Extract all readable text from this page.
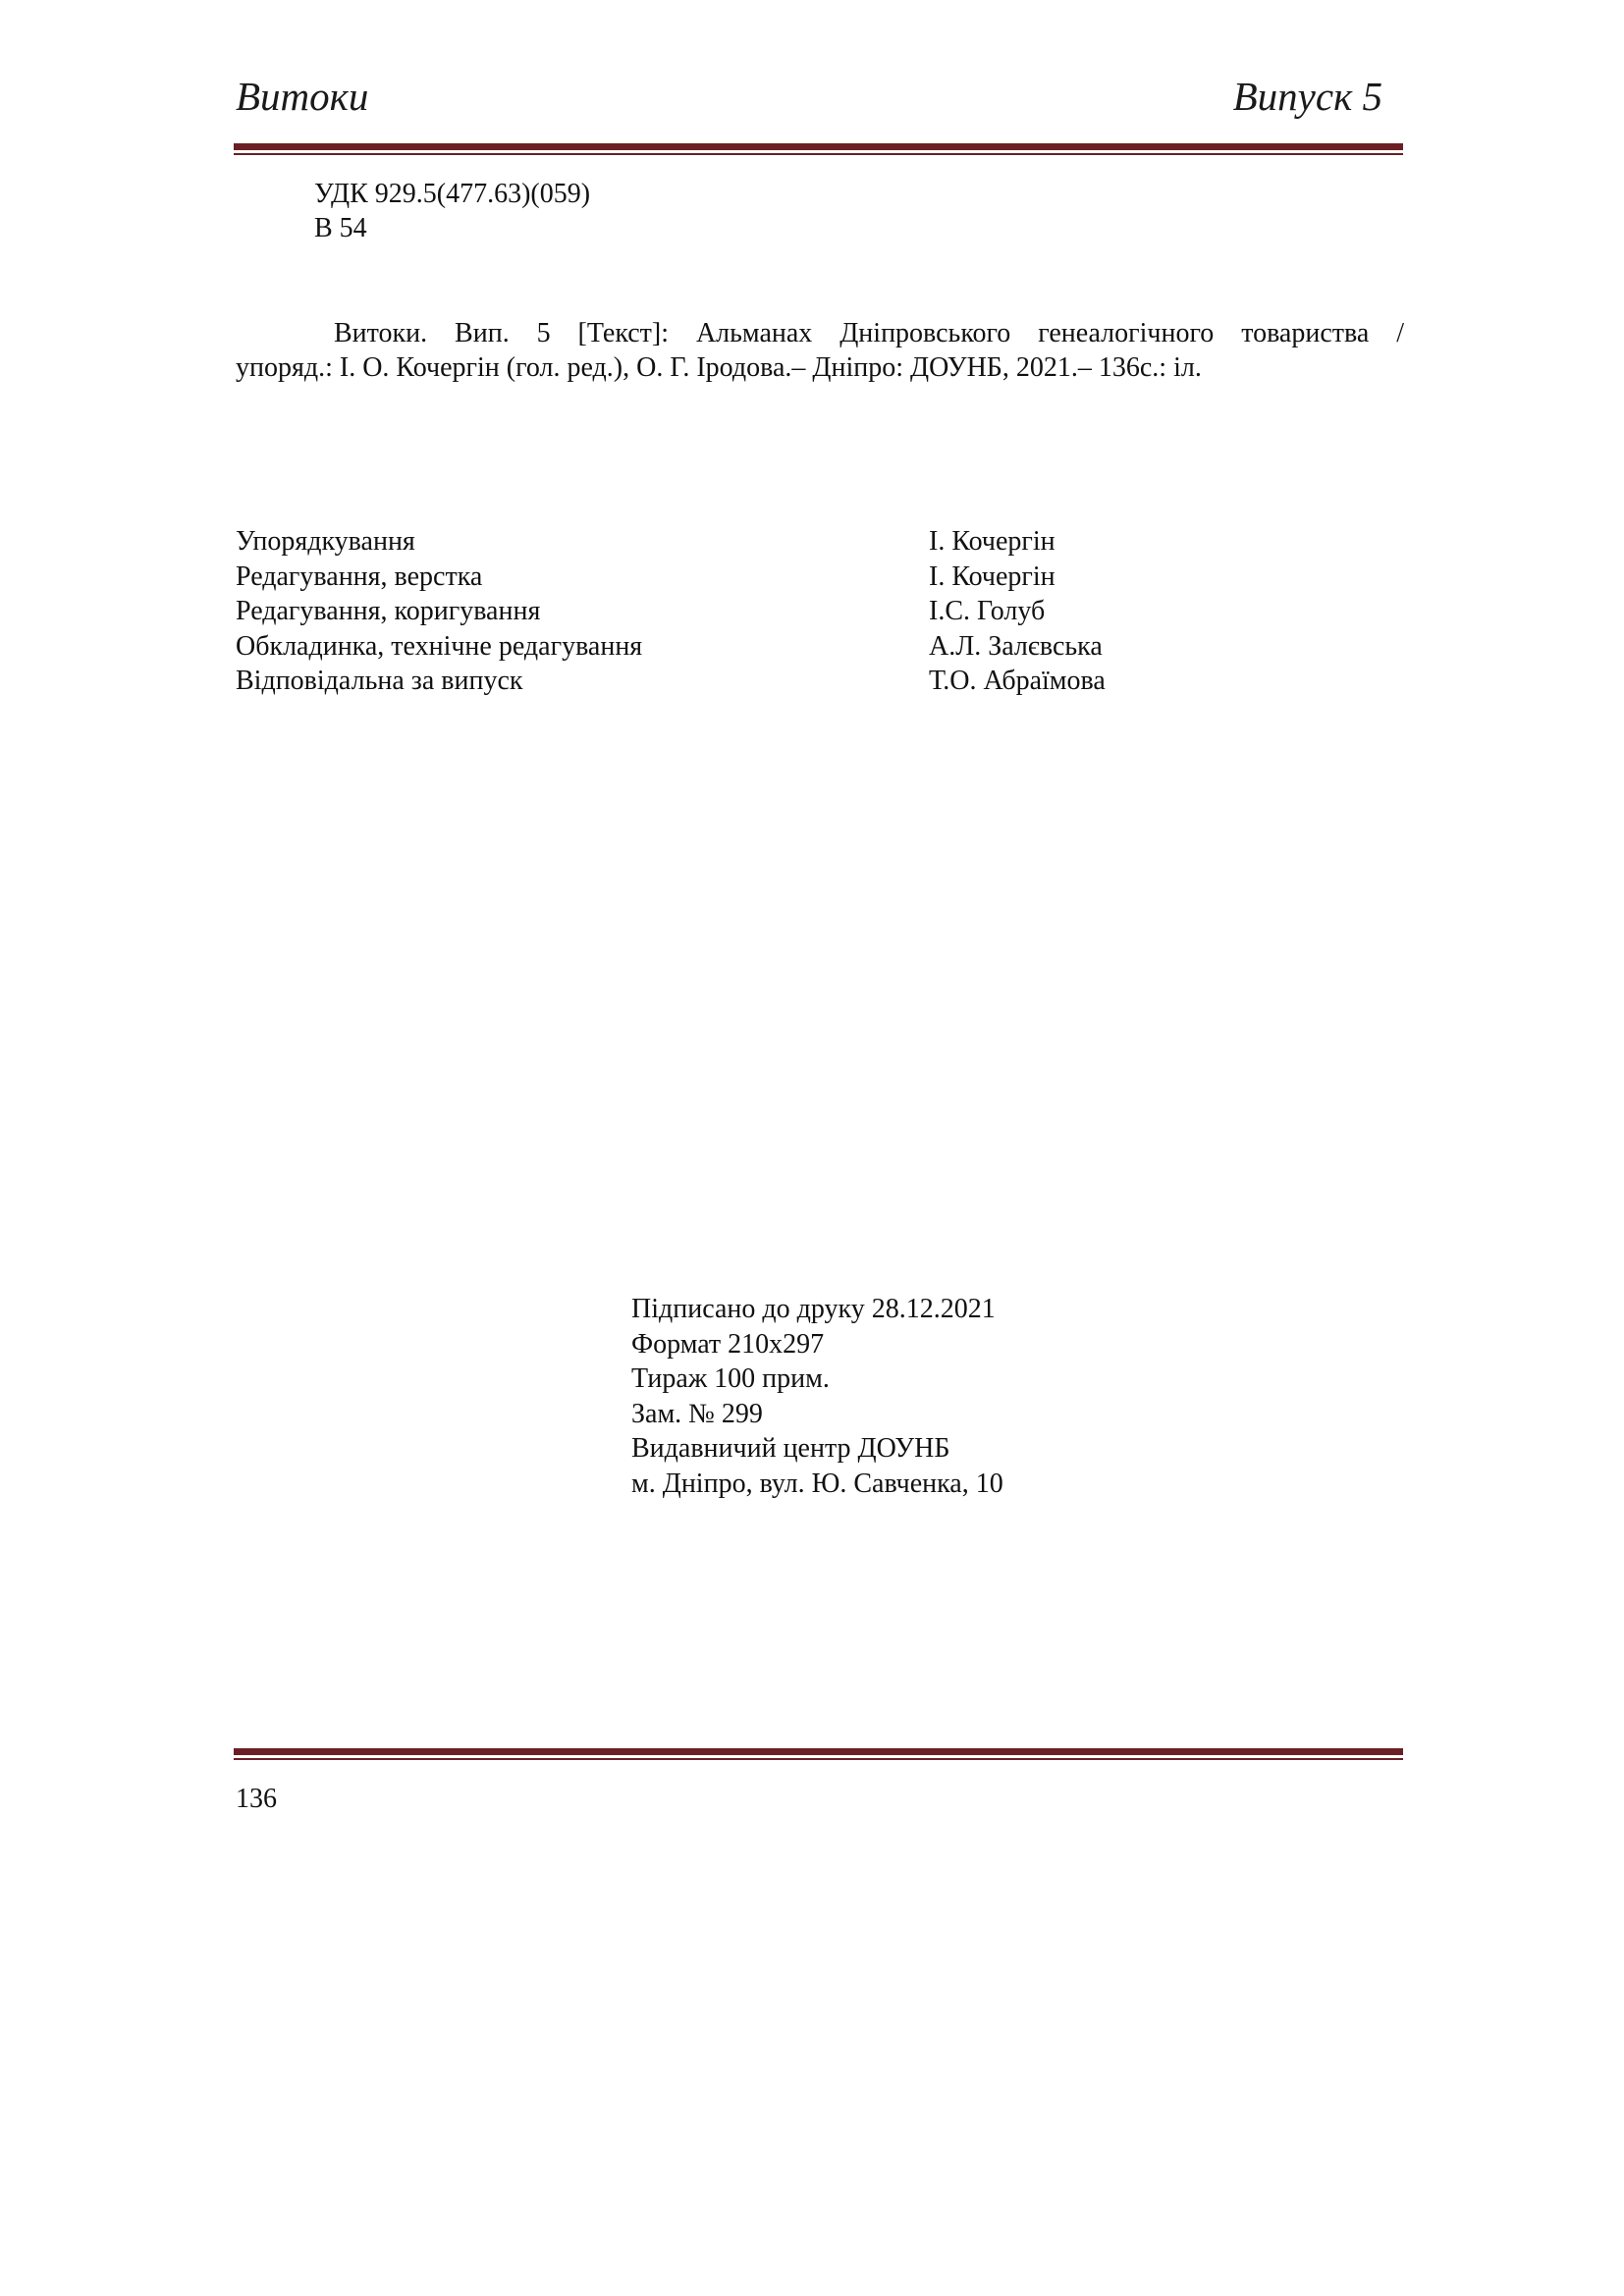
Витоки	Випуск 5
УДК 929.5(477.63)(059)
В 54
Витоки. Вип. 5 [Текст]: Альманах Дніпровського генеалогічного товариства /
упоряд.: І. О. Кочергін (гол. ред.), О. Г. Іродова.– Дніпро: ДОУНБ, 2021.– 136с.: іл.
Упорядкування	І. Кочергін
Редагування, верстка	І. Кочергін
Редагування, коригування	І.С. Голуб
Обкладинка, технічне редагування	А.Л. Залєвська
Відповідальна за випуск	Т.О. Абраїмова
Підписано до друку 28.12.2021
Формат 210х297
Тираж 100 прим.
Зам. № 299
Видавничий центр ДОУНБ
м. Дніпро, вул. Ю. Савченка, 10
136
